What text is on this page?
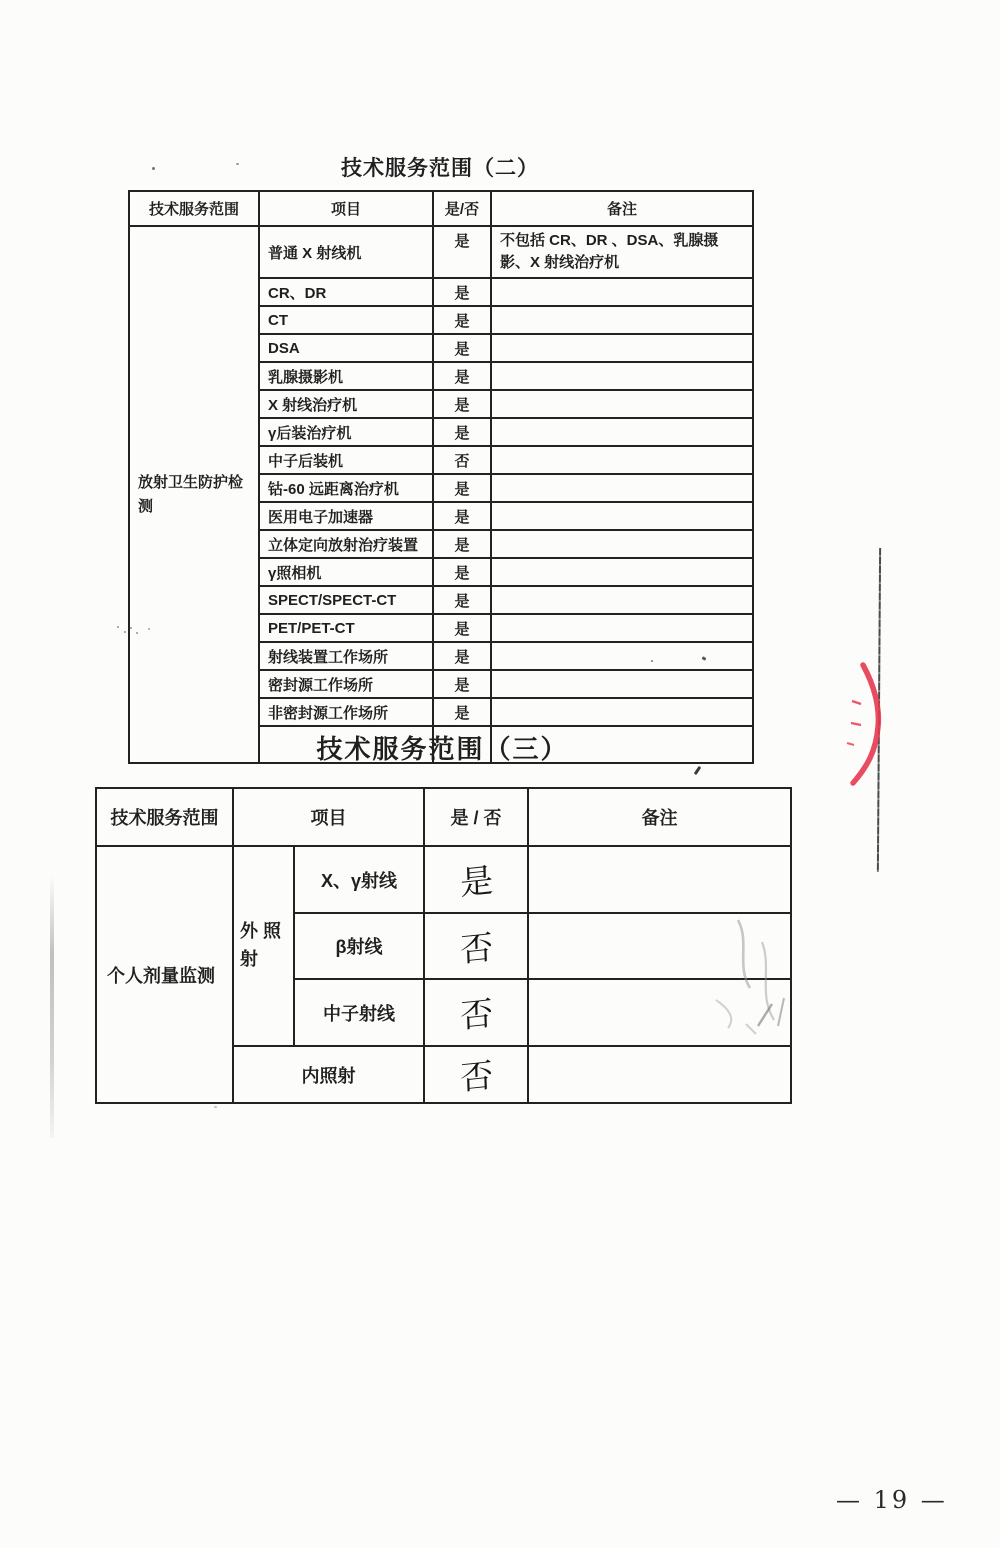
技术服务范围（二）
技术服务范围	项目	是/否	备注

放射卫生防护检测	普通 X 射线机	是	不包括 CR、DR 、DSA、乳腺摄影、X 射线治疗机
	CR、DR	是	
	CT	是	
	DSA	是	
	乳腺摄影机	是	
	X 射线治疗机	是	
	γ后装治疗机	是	
	中子后装机	否	
	钴-60 远距离治疗机	是	
	医用电子加速器	是	
	立体定向放射治疗装置	是	
	γ照相机	是	
	SPECT/SPECT-CT	是	
	PET/PET-CT	是	
	射线装置工作场所	是	
	密封源工作场所	是	
	非密封源工作场所	是	

技术服务范围（三）
技术服务范围	项目		是 / 否	备注
个人剂量监测	外 照 射	X、γ射线	是	
		β射线	否	
		中子射线	否	
	内照射		否	
— 19 —
